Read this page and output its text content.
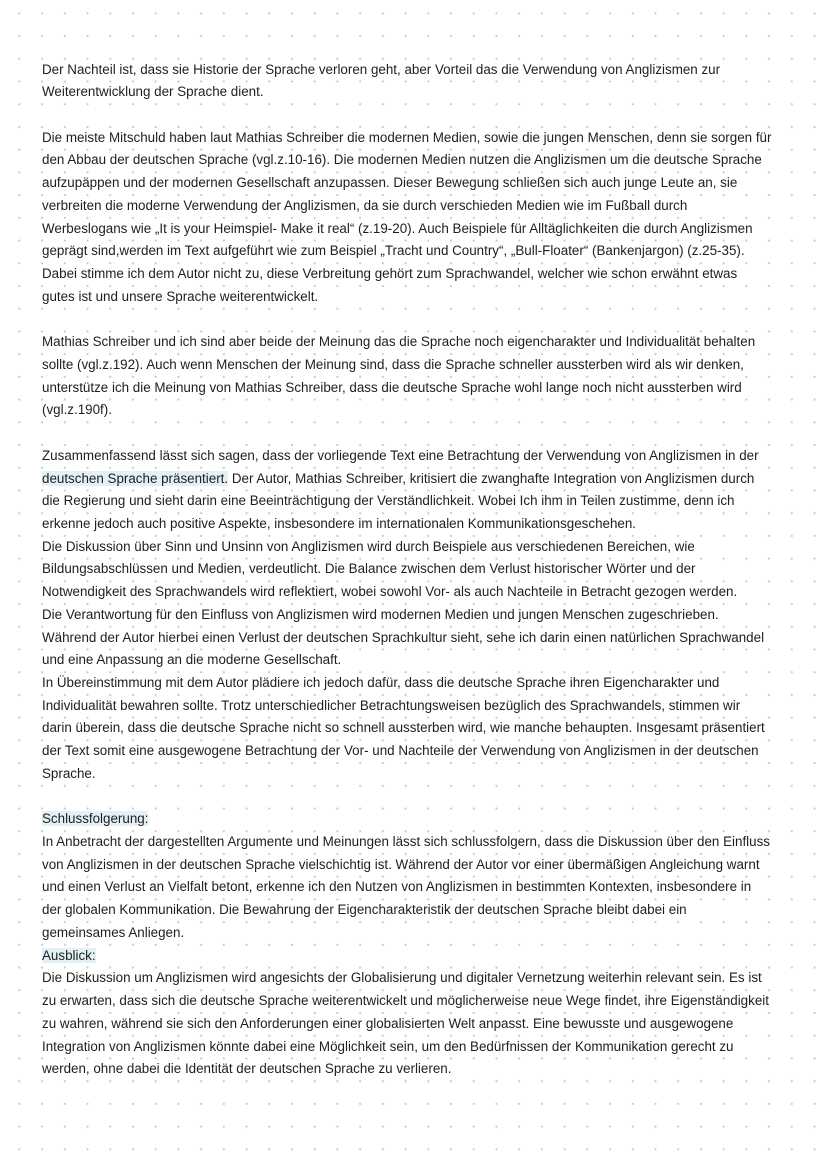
Der Nachteil ist, dass sie Historie der Sprache verloren geht, aber Vorteil das die Verwendung von Anglizismen zur
Weiterentwicklung der Sprache dient.
Die meiste Mitschuld haben laut Mathias Schreiber die modernen Medien, sowie die jungen Menschen, denn sie sorgen für
den Abbau der deutschen Sprache (vgl.z.10-16). Die modernen Medien nutzen die Anglizismen um die deutsche Sprache
aufzupäppen und der modernen Gesellschaft anzupassen. Dieser Bewegung schließen sich auch junge Leute an, sie
verbreiten die moderne Verwendung der Anglizismen, da sie durch verschieden Medien wie im Fußball durch
Werbeslogans wie „It is your Heimspiel- Make it real“ (z.19-20). Auch Beispiele für Alltäglichkeiten die durch Anglizismen
geprägt sind,werden im Text aufgeführt wie zum Beispiel „Tracht und Country“, „Bull-Floater“ (Bankenjargon) (z.25-35).
Dabei stimme ich dem Autor nicht zu, diese Verbreitung gehört zum Sprachwandel, welcher wie schon erwähnt etwas
gutes ist und unsere Sprache weiterentwickelt.
Mathias Schreiber und ich sind aber beide der Meinung das die Sprache noch eigencharakter und Individualität behalten
sollte (vgl.z.192). Auch wenn Menschen der Meinung sind, dass die Sprache schneller aussterben wird als wir denken,
unterstütze ich die Meinung von Mathias Schreiber, dass die deutsche Sprache wohl lange noch nicht aussterben wird
(vgl.z.190f).
Zusammenfassend lässt sich sagen, dass der vorliegende Text eine Betrachtung der Verwendung von Anglizismen in der
deutschen Sprache präsentiert. Der Autor, Mathias Schreiber, kritisiert die zwanghafte Integration von Anglizismen durch
die Regierung und sieht darin eine Beeinträchtigung der Verständlichkeit. Wobei Ich ihm in Teilen zustimme, denn ich
erkenne jedoch auch positive Aspekte, insbesondere im internationalen Kommunikationsgeschehen.
Die Diskussion über Sinn und Unsinn von Anglizismen wird durch Beispiele aus verschiedenen Bereichen, wie
Bildungsabschlüssen und Medien, verdeutlicht. Die Balance zwischen dem Verlust historischer Wörter und der
Notwendigkeit des Sprachwandels wird reflektiert, wobei sowohl Vor- als auch Nachteile in Betracht gezogen werden.
Die Verantwortung für den Einfluss von Anglizismen wird modernen Medien und jungen Menschen zugeschrieben.
Während der Autor hierbei einen Verlust der deutschen Sprachkultur sieht, sehe ich darin einen natürlichen Sprachwandel
und eine Anpassung an die moderne Gesellschaft.
In Übereinstimmung mit dem Autor plädiere ich jedoch dafür, dass die deutsche Sprache ihren Eigencharakter und
Individualität bewahren sollte. Trotz unterschiedlicher Betrachtungsweisen bezüglich des Sprachwandels, stimmen wir
darin überein, dass die deutsche Sprache nicht so schnell aussterben wird, wie manche behaupten. Insgesamt präsentiert
der Text somit eine ausgewogene Betrachtung der Vor- und Nachteile der Verwendung von Anglizismen in der deutschen
Sprache.
Schlussfolgerung:
In Anbetracht der dargestellten Argumente und Meinungen lässt sich schlussfolgern, dass die Diskussion über den Einfluss
von Anglizismen in der deutschen Sprache vielschichtig ist. Während der Autor vor einer übermäßigen Angleichung warnt
und einen Verlust an Vielfalt betont, erkenne ich den Nutzen von Anglizismen in bestimmten Kontexten, insbesondere in
der globalen Kommunikation. Die Bewahrung der Eigencharakteristik der deutschen Sprache bleibt dabei ein
gemeinsames Anliegen.
Ausblick:
Die Diskussion um Anglizismen wird angesichts der Globalisierung und digitaler Vernetzung weiterhin relevant sein. Es ist
zu erwarten, dass sich die deutsche Sprache weiterentwickelt und möglicherweise neue Wege findet, ihre Eigenständigkeit
zu wahren, während sie sich den Anforderungen einer globalisierten Welt anpasst. Eine bewusste und ausgewogene
Integration von Anglizismen könnte dabei eine Möglichkeit sein, um den Bedürfnissen der Kommunikation gerecht zu
werden, ohne dabei die Identität der deutschen Sprache zu verlieren.
